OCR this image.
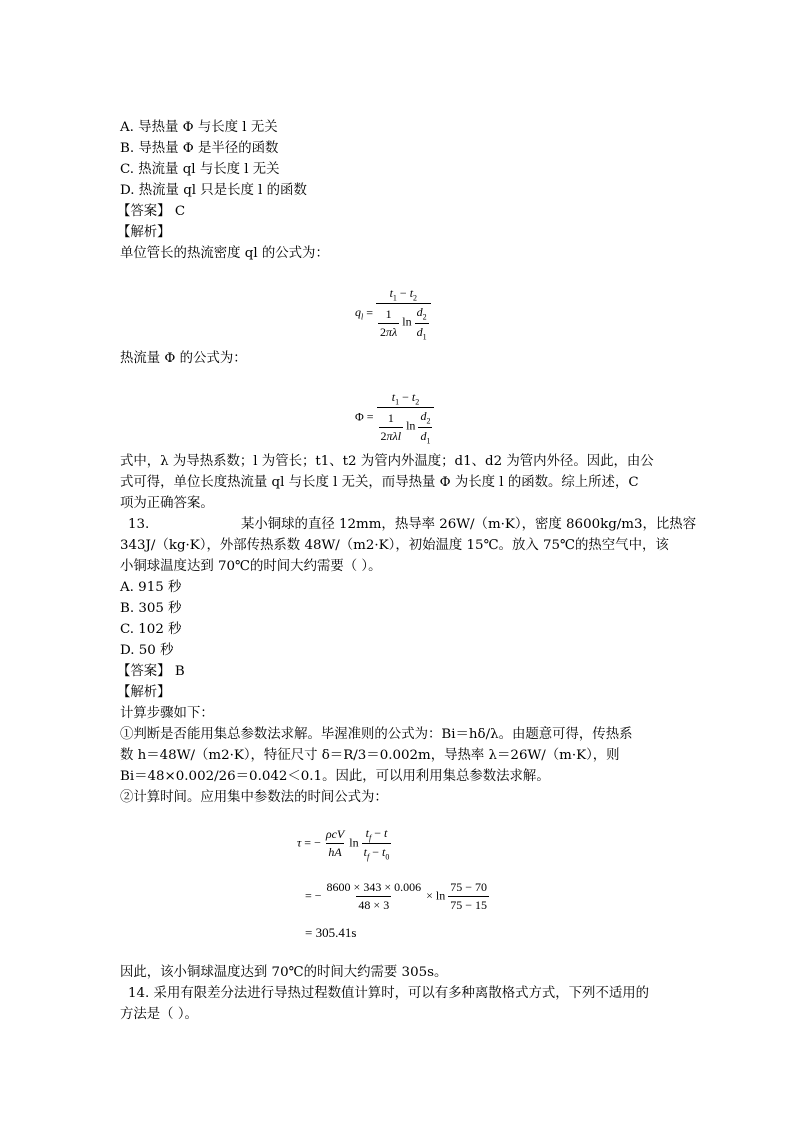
A. 导热量 Φ 与长度 l 无关
B. 导热量 Φ 是半径的函数
C. 热流量 ql 与长度 l 无关
D. 热流量 ql 只是长度 l 的函数
【答案】 C
【解析】
单位管长的热流密度 ql 的公式为：
$q_l = \frac{t_1 - t_2}{\frac{1}{2\pi\lambda} \ln \frac{d_2}{d_1}}$
热流量 Φ 的公式为：
Φ =
$t_1 - t_2$
1
2πλl
$\ln \frac{d_2}{d_1}$
式中，λ 为导热系数；l 为管长；t1、t2 为管内外温度；d1、d2 为管内外径。因此，由公
式可得，单位长度热流量 ql 与长度 l 无关，而导热量 Φ 为长度 l 的函数。综上所述，C
项为正确答案。
13.	某小铜球的直径 12mm，热导率 26W/（m·K），密度 8600kg/m3，比热容
343J/（kg·K），外部传热系数 48W/（m2·K），初始温度 15℃。放入 75℃的热空气中，该
小铜球温度达到 70℃的时间大约需要（ ）。
A. 915 秒
B. 305 秒
C. 102 秒
D. 50 秒
【答案】 B
【解析】
计算步骤如下：
①判断是否能用集总参数法求解。毕渥准则的公式为：Bi＝hδ/λ。由题意可得，传热系
数 h＝48W/（m2·K），特征尺寸 δ＝R/3＝0.002m，导热率 λ＝26W/（m·K），则
Bi＝48×0.002/26＝0.042＜0.1。因此，可以用利用集总参数法求解。
②计算时间。应用集中参数法的时间公式为：
τ = −
ρcV
hA
$\ln \frac{t_f - t}{t_f - t_0}$
= − $\frac{8600 \times 343 \times 0.006}{48 \times 3} \times \ln \frac{75 - 70}{75 - 15}$
= 305.41s
因此，该小铜球温度达到 70℃的时间大约需要 305s。
14. 采用有限差分法进行导热过程数值计算时，可以有多种离散格式方式，下列不适用的
方法是（ ）。
